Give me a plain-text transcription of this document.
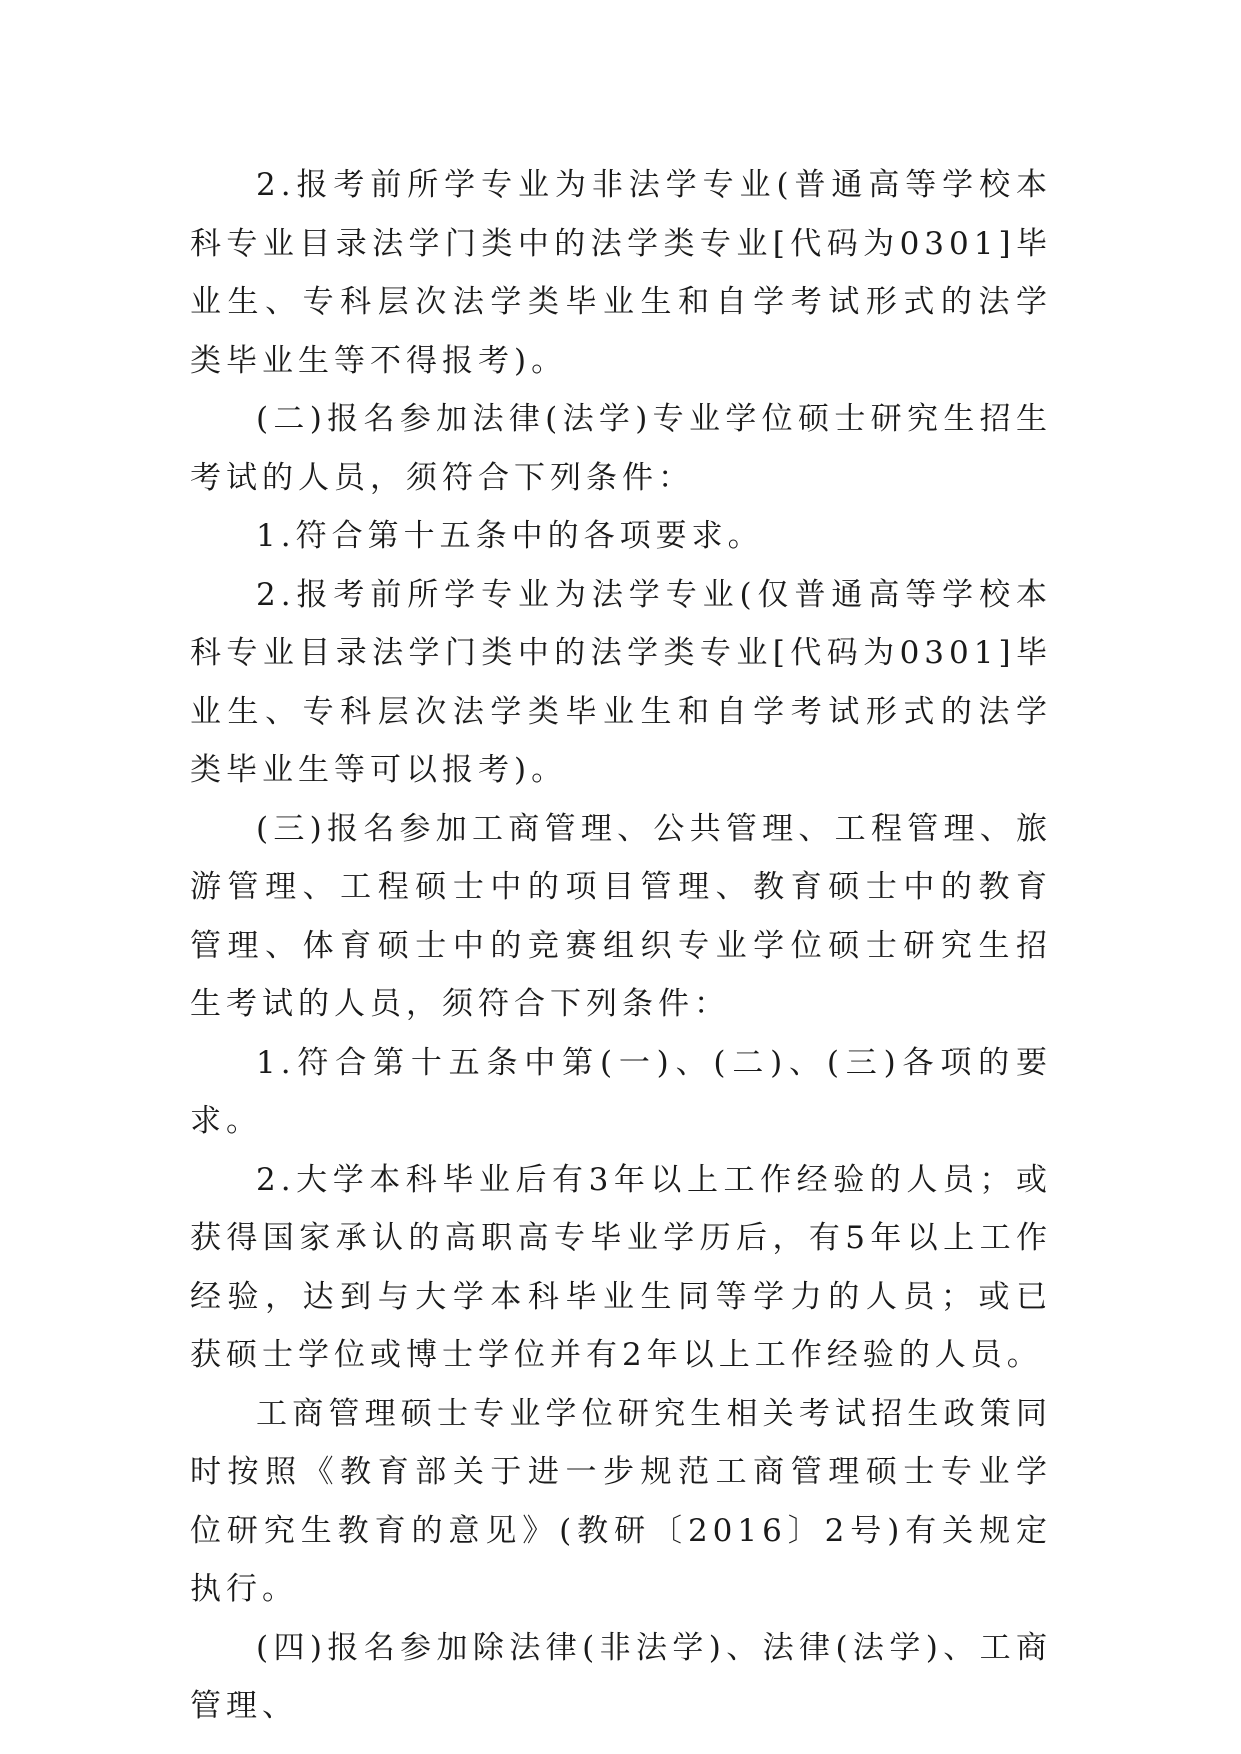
2.报考前所学专业为非法学专业(普通高等学校本科专业目录法学门类中的法学类专业[代码为0301]毕业生、专科层次法学类毕业生和自学考试形式的法学类毕业生等不得报考)。

(二)报名参加法律(法学)专业学位硕士研究生招生考试的人员，须符合下列条件：

1.符合第十五条中的各项要求。

2.报考前所学专业为法学专业(仅普通高等学校本科专业目录法学门类中的法学类专业[代码为0301]毕业生、专科层次法学类毕业生和自学考试形式的法学类毕业生等可以报考)。

(三)报名参加工商管理、公共管理、工程管理、旅游管理、工程硕士中的项目管理、教育硕士中的教育管理、体育硕士中的竞赛组织专业学位硕士研究生招生考试的人员，须符合下列条件：

1.符合第十五条中第(一)、(二)、(三)各项的要求。

2.大学本科毕业后有3年以上工作经验的人员；或获得国家承认的高职高专毕业学历后，有5年以上工作经验，达到与大学本科毕业生同等学力的人员；或已获硕士学位或博士学位并有2年以上工作经验的人员。

工商管理硕士专业学位研究生相关考试招生政策同时按照《教育部关于进一步规范工商管理硕士专业学位研究生教育的意见》(教研〔2016〕2号)有关规定执行。

(四)报名参加除法律(非法学)、法律(法学)、工商管理、
